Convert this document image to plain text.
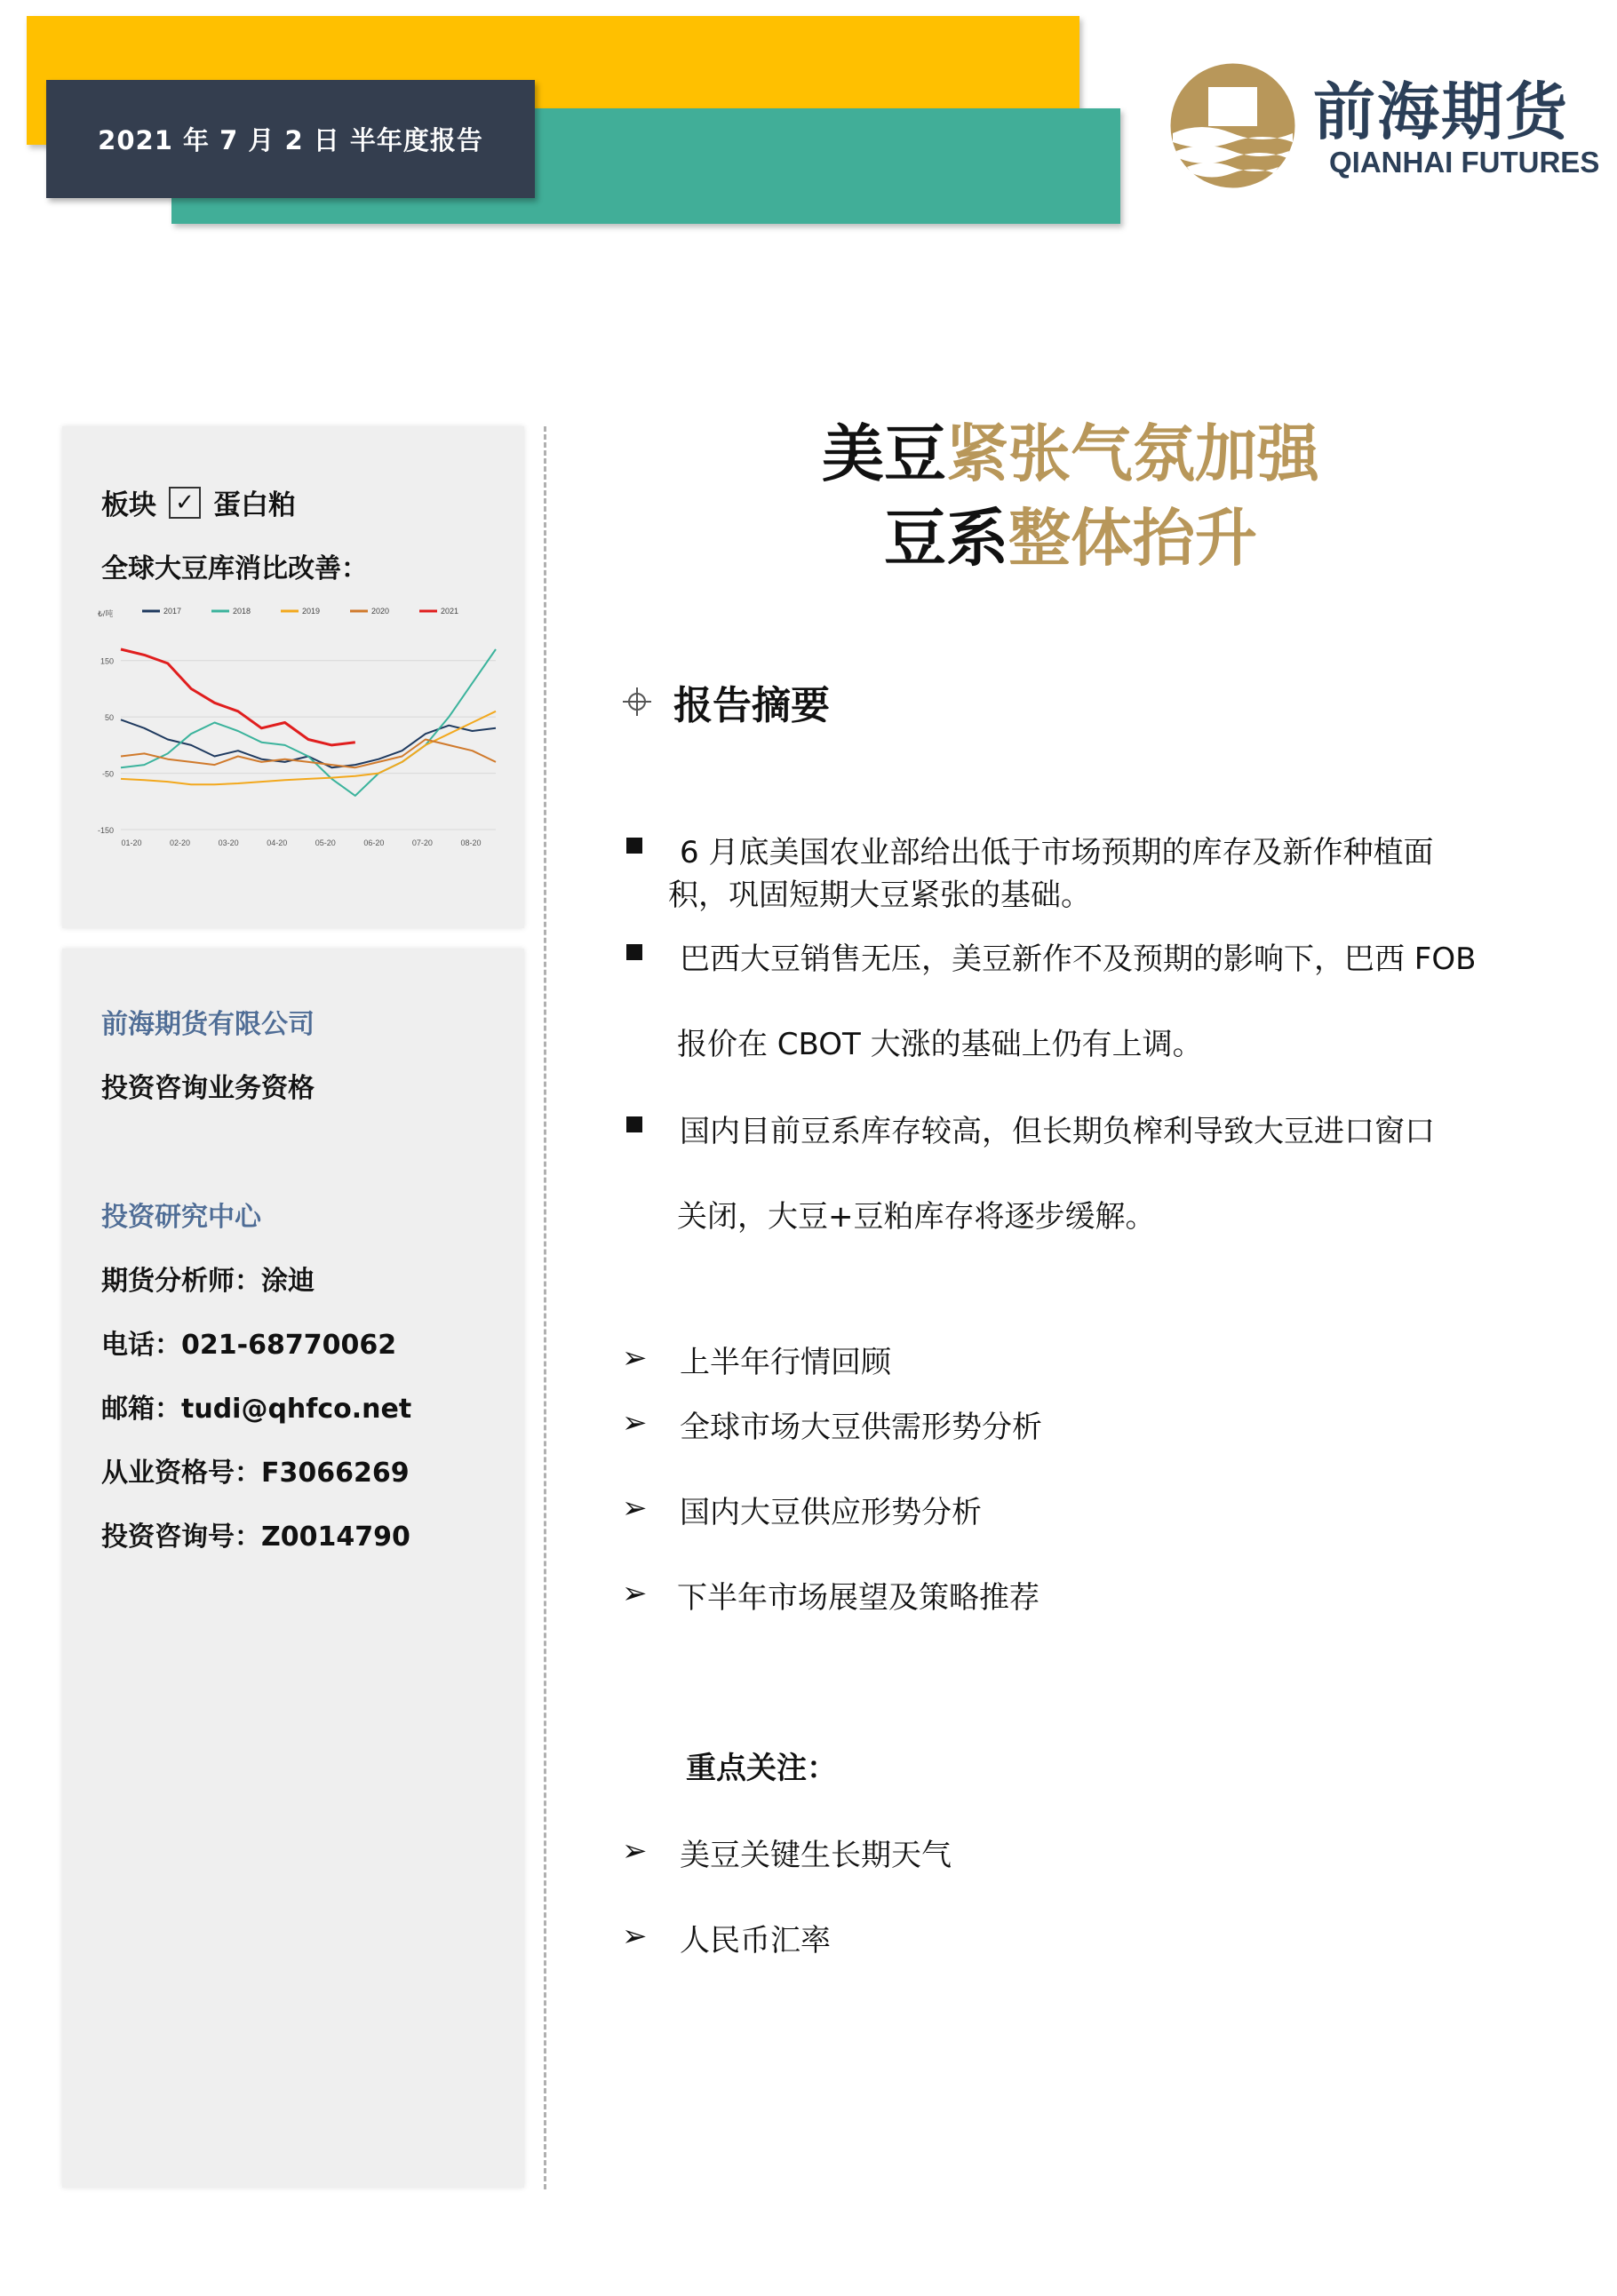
2021 年 7 月 2 日 半年度报告	前海期货
QIANHAI FUTURES
板块 ✓ 蛋白粕
全球大豆库消比改善：
150
50
-50
-150
₺/吨
01-20	02-20	03-20	04-20	05-20	06-20	07-20	08-20
2017	2018	2019	2020	2021
前海期货有限公司
投资咨询业务资格
投资研究中心
期货分析师：涂迪
电话：021-68770062
邮箱：tudi@qhfco.net
从业资格号：F3066269
投资咨询号：Z0014790
美豆紧张气氛加强
豆系整体抬升
报告摘要
6 月底美国农业部给出低于市场预期的库存及新作种植面
积，巩固短期大豆紧张的基础。
巴西大豆销售无压，美豆新作不及预期的影响下，巴西 FOB
报价在 CBOT 大涨的基础上仍有上调。
国内目前豆系库存较高，但长期负榨利导致大豆进口窗口
关闭，大豆+豆粕库存将逐步缓解。
➢ 上半年行情回顾
➢ 全球市场大豆供需形势分析
➢ 国内大豆供应形势分析
➢ 下半年市场展望及策略推荐
重点关注：
➢ 美豆关键生长期天气
➢ 人民币汇率
